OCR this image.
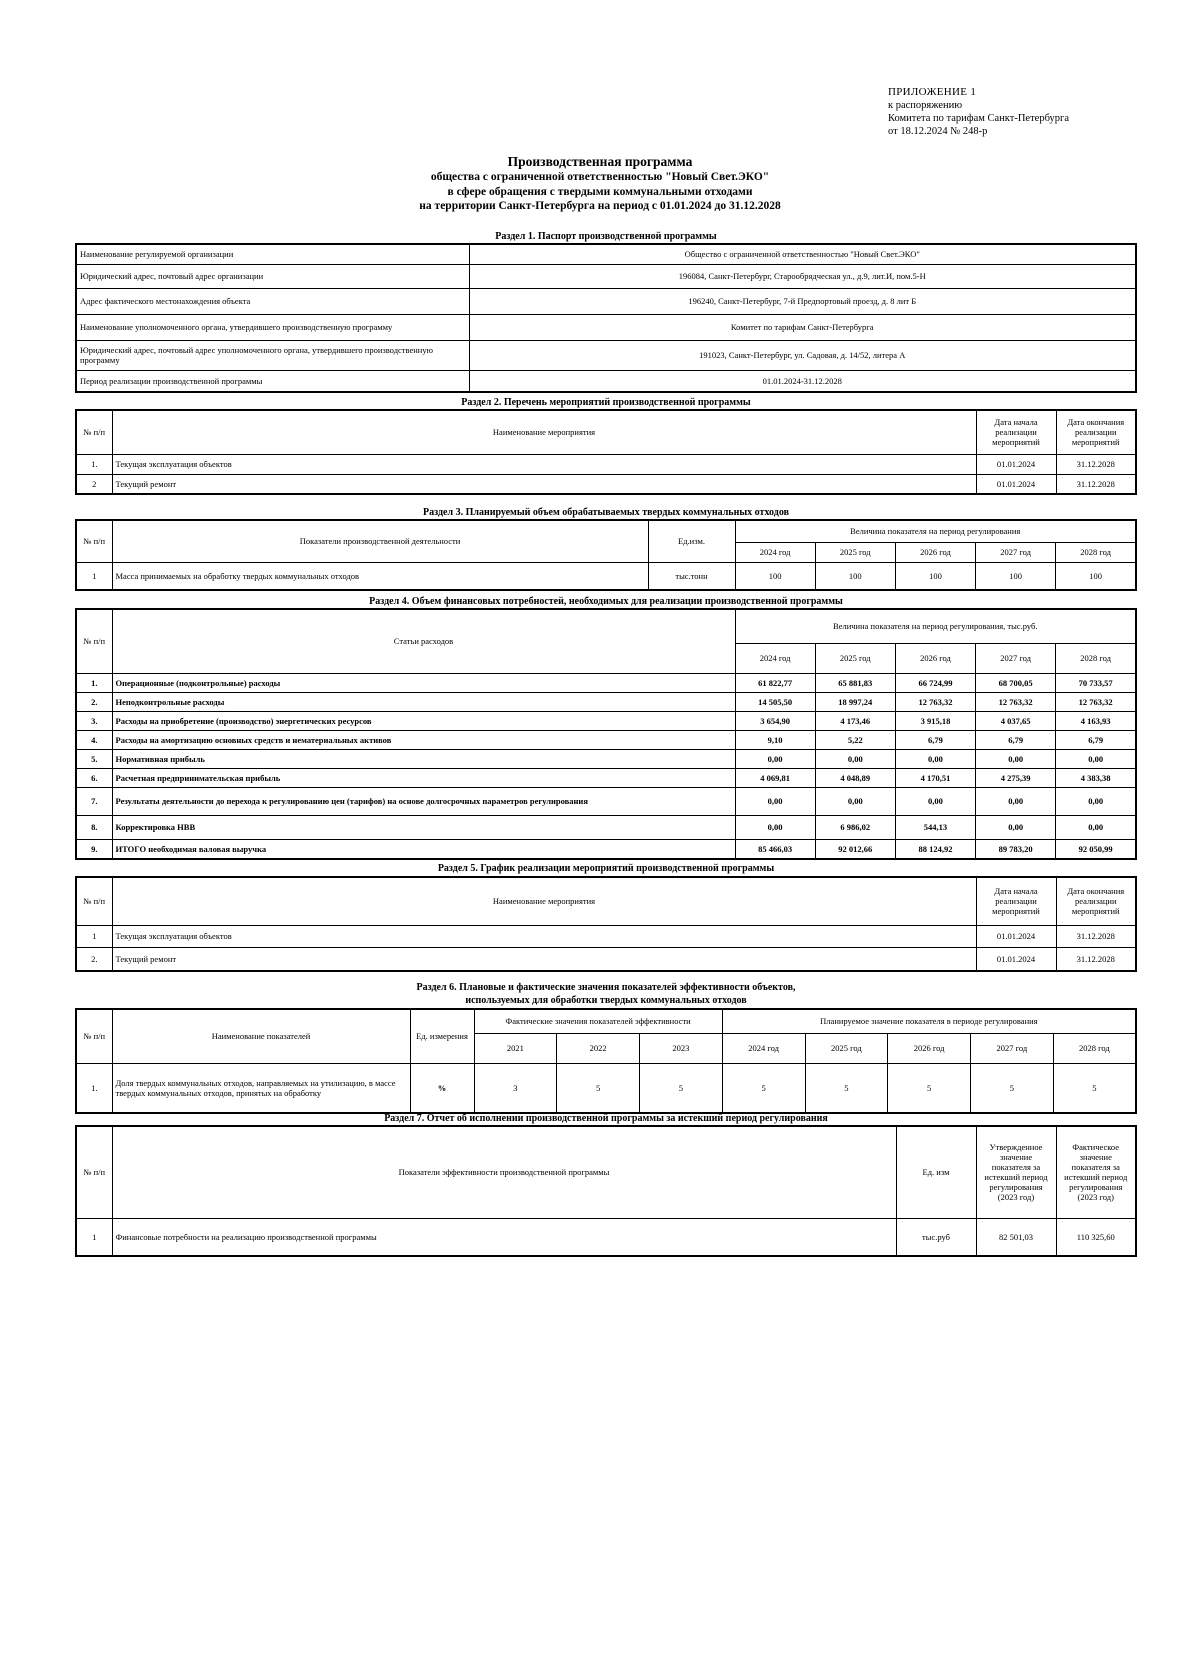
ПРИЛОЖЕНИЕ 1
к распоряжению
Комитета по тарифам Санкт-Петербурга
от 18.12.2024 № 248-р
Производственная программа
общества с ограниченной ответственностью "Новый Свет.ЭКО"
в сфере обращения с твердыми коммунальными отходами
на территории Санкт-Петербурга на период с 01.01.2024 до 31.12.2028
Раздел 1. Паспорт производственной программы
Наименование регулируемой организации	Общество с ограниченной ответственностью "Новый Свет.ЭКО"
Юридический адрес, почтовый адрес организации	196084, Санкт-Петербург, Старообрядческая ул., д.9, лит.И, пом.5-Н
Адрес фактического местонахождения объекта	196240, Санкт-Петербург, 7-й Предпортовый проезд, д. 8 лит Б
Наименование уполномоченного органа, утвердившего производственную программу	Комитет по тарифам Санкт-Петербурга
Юридический адрес, почтовый адрес уполномоченного органа, утвердившего производственную программу	191023, Санкт-Петербург, ул. Садовая, д. 14/52, литера А
Период реализации производственной программы	01.01.2024-31.12.2028
Раздел 2. Перечень мероприятий производственной программы
№ п/п	Наименование мероприятия	Дата начала реализации мероприятий	Дата окончания реализации мероприятий
1.	Текущая эксплуатация объектов	01.01.2024	31.12.2028
2	Текущий ремонт	01.01.2024	31.12.2028
Раздел 3. Планируемый объем обрабатываемых твердых коммунальных отходов
№ п/п	Показатели производственной деятельности	Ед.изм.	Величина показателя на период регулирования				
			2024 год	2025 год	2026 год	2027 год	2028 год
1	Масса принимаемых на обработку твердых коммунальных отходов	тыс.тонн	100	100	100	100	100
Раздел 4. Объем финансовых потребностей, необходимых для реализации производственной программы
№ п/п	Статьи расходов	Величина показателя на период регулирования, тыс.руб.				
		2024 год	2025 год	2026 год	2027 год	2028 год
1.	Операционные (подконтрольные) расходы	61 822,77	65 881,83	66 724,99	68 700,05	70 733,57
2.	Неподконтрольные расходы	14 505,50	18 997,24	12 763,32	12 763,32	12 763,32
3.	Расходы на приобретение (производство) энергетических ресурсов	3 654,90	4 173,46	3 915,18	4 037,65	4 163,93
4.	Расходы на амортизацию основных средств и нематериальных активов	9,10	5,22	6,79	6,79	6,79
5.	Нормативная прибыль	0,00	0,00	0,00	0,00	0,00
6.	Расчетная предпринимательская прибыль	4 069,81	4 048,89	4 170,51	4 275,39	4 383,38
7.	Результаты деятельности до перехода к регулированию цен (тарифов) на основе долгосрочных параметров регулирования	0,00	0,00	0,00	0,00	0,00
8.	Корректировка НВВ	0,00	6 986,02	544,13	0,00	0,00
9.	ИТОГО необходимая валовая выручка	85 466,03	92 012,66	88 124,92	89 783,20	92 050,99
Раздел 5. График реализации мероприятий производственной программы
№ п/п	Наименование мероприятия	Дата начала реализации мероприятий	Дата окончания реализации мероприятий
1	Текущая эксплуатация объектов	01.01.2024	31.12.2028
2.	Текущий ремонт	01.01.2024	31.12.2028
Раздел 6. Плановые и фактические значения показателей эффективности объектов,
используемых для обработки твердых коммунальных отходов
№ п/п	Наименование показателей	Ед. измерения	Фактические значения показателей эффективности			Планируемое значение показателя в периоде регулирования				
			2021	2022	2023	2024 год	2025 год	2026 год	2027 год	2028 год
1.	Доля твердых коммунальных отходов, направляемых на утилизацию, в массе твердых коммунальных отходов, принятых на обработку	%	3	5	5	5	5	5	5	5
Раздел 7. Отчет об исполнении производственной программы за истекший период регулирования
№ п/п	Показатели эффективности производственной программы	Ед. изм	Утвержденное значение показателя за истекший период регулирования (2023 год)	Фактическое значение показателя за истекший период регулирования (2023 год)
1	Финансовые потребности на реализацию производственной программы	тыс.руб	82 501,03	110 325,60
